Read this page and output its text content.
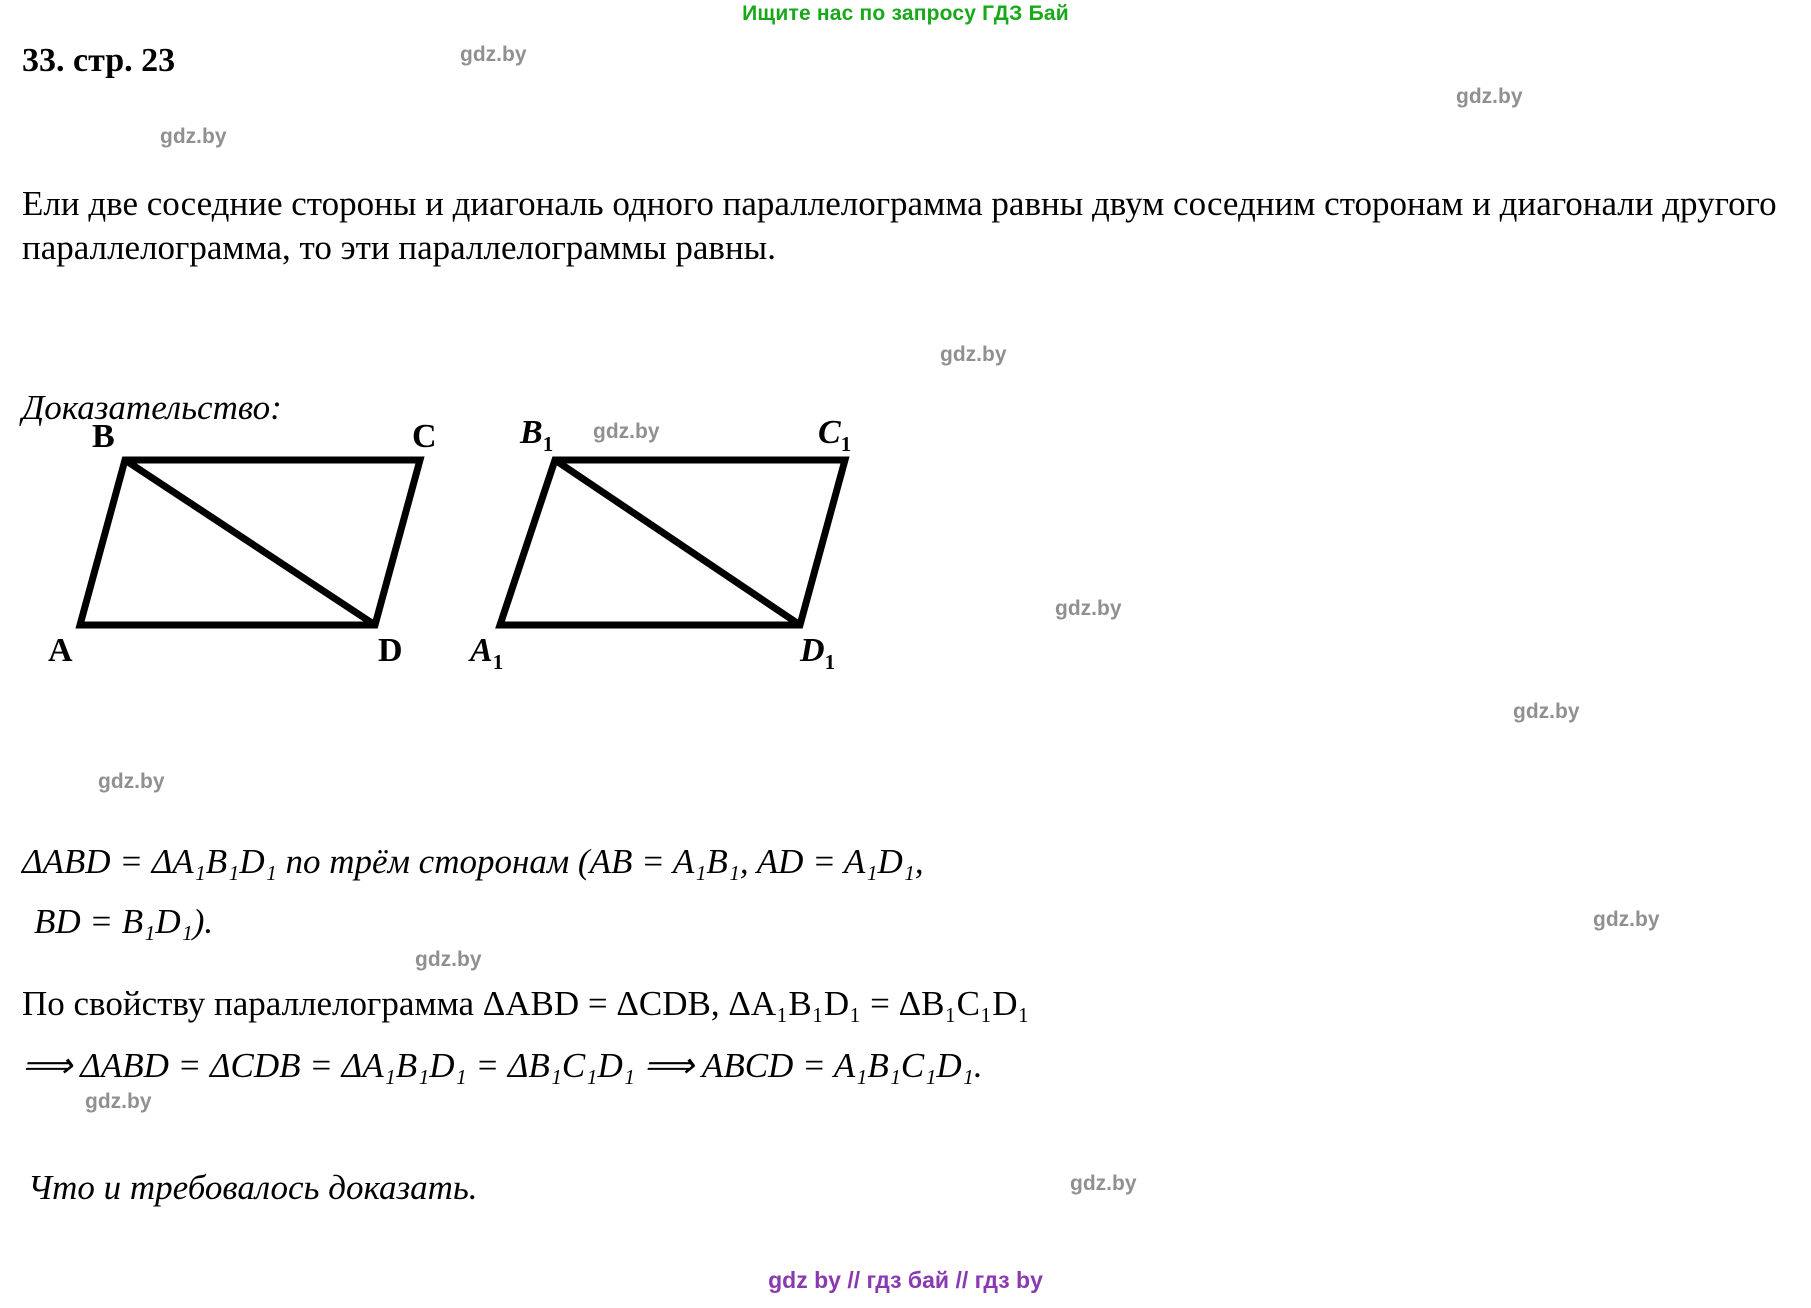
Ищите нас по запросу ГДЗ Бай
33. стр. 23
Ели две соседние стороны и диагональ одного параллелограмма равны двум соседним сторонам и диагонали другого параллелограмма, то эти параллелограммы равны.
Доказательство:
B	C
A	D
$B_1$	$C_1$
$A_1$	$D_1$
ΔABD = ΔA₁B₁D₁ по трём сторонам (AB = A₁B₁, AD = A₁D₁,
BD = B₁D₁).
По свойству параллелограмма ΔABD = ΔCDB, ΔA₁B₁D₁ = ΔB₁C₁D₁
⟹ ΔABD = ΔCDB = ΔA₁B₁D₁ = ΔB₁C₁D₁ ⟹ ABCD = A₁B₁C₁D₁.
Что и требовалось доказать.
gdz by // гдз бай // гдз by
gdz.by
gdz.by
gdz.by
gdz.by
gdz.by
gdz.by
gdz.by
gdz.by
gdz.by
gdz.by
gdz.by
gdz.by
